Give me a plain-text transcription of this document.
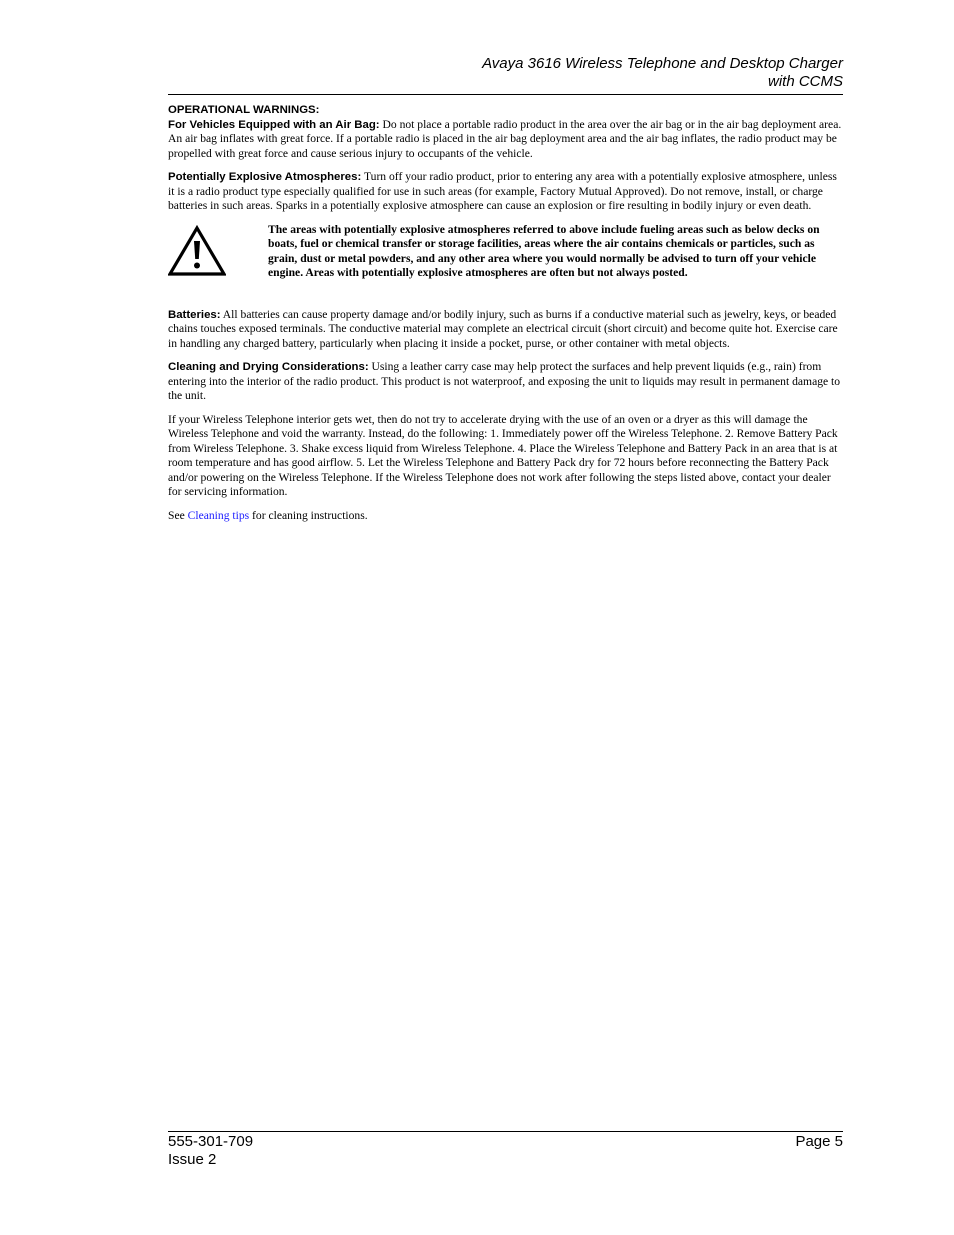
Avaya 3616 Wireless Telephone and Desktop Charger
with CCMS
OPERATIONAL WARNINGS:

For Vehicles Equipped with an Air Bag: Do not place a portable radio product in the area over the air bag or in the air bag deployment area. An air bag inflates with great force. If a portable radio is placed in the air bag deployment area and the air bag inflates, the radio product may be propelled with great force and cause serious injury to occupants of the vehicle.

Potentially Explosive Atmospheres: Turn off your radio product, prior to entering any area with a potentially explosive atmosphere, unless it is a radio product type especially qualified for use in such areas (for example, Factory Mutual Approved). Do not remove, install, or charge batteries in such areas. Sparks in a potentially explosive atmosphere can cause an explosion or fire resulting in bodily injury or even death.

The areas with potentially explosive atmospheres referred to above include fueling areas such as below decks on boats, fuel or chemical transfer or storage facilities, areas where the air contains chemicals or particles, such as grain, dust or metal powders, and any other area where you would normally be advised to turn off your vehicle engine. Areas with potentially explosive atmospheres are often but not always posted.

Batteries: All batteries can cause property damage and/or bodily injury, such as burns if a conductive material such as jewelry, keys, or beaded chains touches exposed terminals. The conductive material may complete an electrical circuit (short circuit) and become quite hot. Exercise care in handling any charged battery, particularly when placing it inside a pocket, purse, or other container with metal objects.

Cleaning and Drying Considerations: Using a leather carry case may help protect the surfaces and help prevent liquids (e.g., rain) from entering into the interior of the radio product. This product is not waterproof, and exposing the unit to liquids may result in permanent damage to the unit.

If your Wireless Telephone interior gets wet, then do not try to accelerate drying with the use of an oven or a dryer as this will damage the Wireless Telephone and void the warranty. Instead, do the following: 1. Immediately power off the Wireless Telephone. 2. Remove Battery Pack from Wireless Telephone. 3. Shake excess liquid from Wireless Telephone. 4. Place the Wireless Telephone and Battery Pack in an area that is at room temperature and has good airflow. 5. Let the Wireless Telephone and Battery Pack dry for 72 hours before reconnecting the Battery Pack and/or powering on the Wireless Telephone. If the Wireless Telephone does not work after following the steps listed above, contact your dealer for servicing information.

See Cleaning tips for cleaning instructions.

555-301-709
Issue 2
Page 5
